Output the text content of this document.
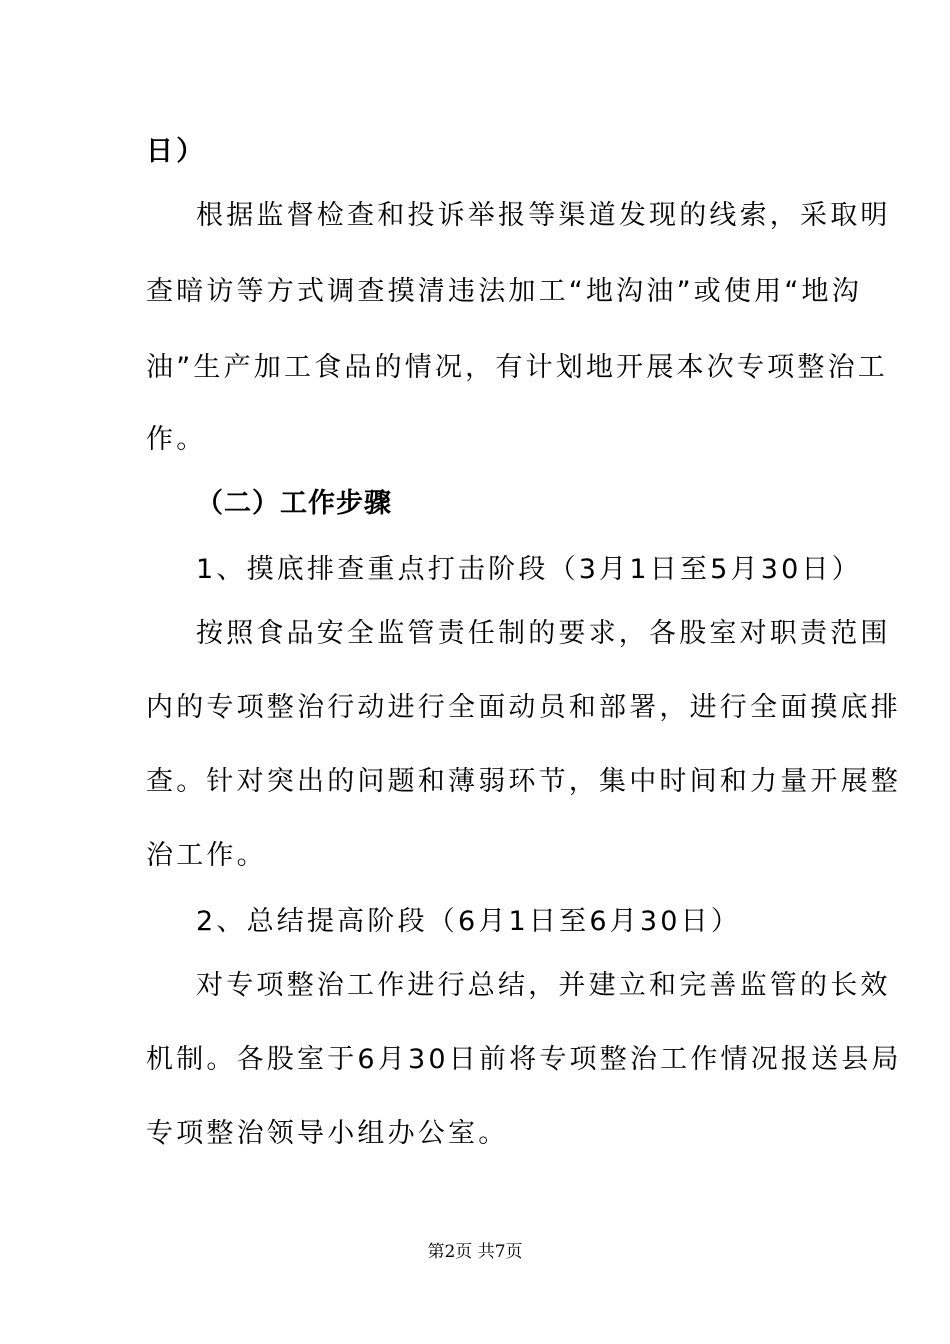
日）
根据监督检查和投诉举报等渠道发现的线索，采取明
查暗访等方式调查摸清违法加工“地沟油”或使用“地沟
油”生产加工食品的情况，有计划地开展本次专项整治工
作。
（二）工作步骤
1、摸底排查重点打击阶段（3月1日至5月30日）
按照食品安全监管责任制的要求，各股室对职责范围
内的专项整治行动进行全面动员和部署，进行全面摸底排
查。针对突出的问题和薄弱环节，集中时间和力量开展整
治工作。
2、总结提高阶段（6月1日至6月30日）
对专项整治工作进行总结，并建立和完善监管的长效
机制。各股室于6月30日前将专项整治工作情况报送县局
专项整治领导小组办公室。
第2页 共7页
